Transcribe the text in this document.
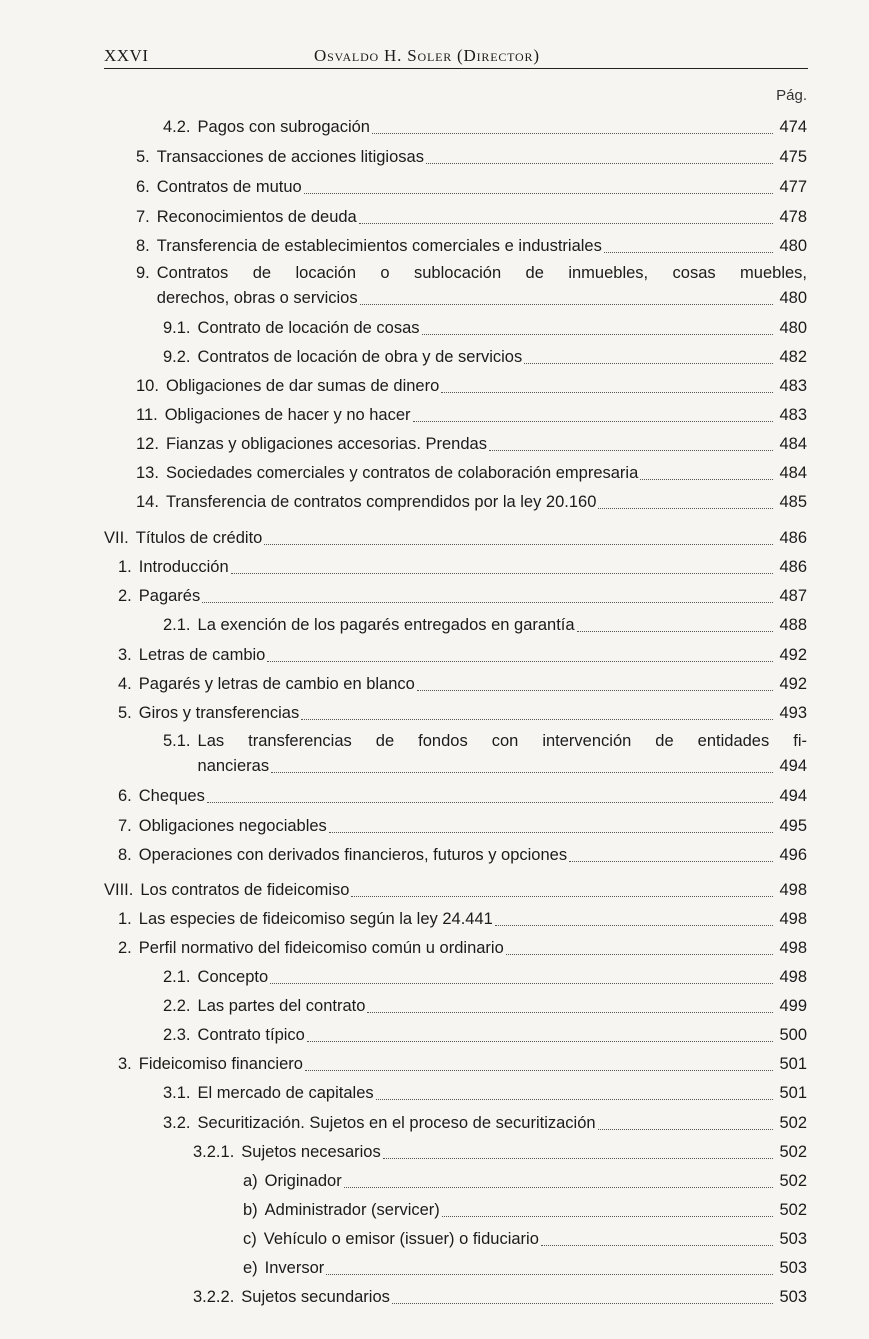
XXVI	Osvaldo H. Soler (Director)
Pág.
4.2. Pagos con subrogación	474
5. Transacciones de acciones litigiosas	475
6. Contratos de mutuo	477
7. Reconocimientos de deuda	478
8. Transferencia de establecimientos comerciales e industriales	480
9. Contratos de locación o sublocación de inmuebles, cosas muebles,
derechos, obras o servicios	480
9.1. Contrato de locación de cosas	480
9.2. Contratos de locación de obra y de servicios	482
10. Obligaciones de dar sumas de dinero	483
11. Obligaciones de hacer y no hacer	483
12. Fianzas y obligaciones accesorias. Prendas	484
13. Sociedades comerciales y contratos de colaboración empresaria	484
14. Transferencia de contratos comprendidos por la ley 20.160	485
VII. Títulos de crédito	486
1. Introducción	486
2. Pagarés	487
2.1. La exención de los pagarés entregados en garantía	488
3. Letras de cambio	492
4. Pagarés y letras de cambio en blanco	492
5. Giros y transferencias	493
5.1. Las transferencias de fondos con intervención de entidades fi-
nancieras	494
6. Cheques	494
7. Obligaciones negociables	495
8. Operaciones con derivados financieros, futuros y opciones	496
VIII. Los contratos de fideicomiso	498
1. Las especies de fideicomiso según la ley 24.441	498
2. Perfil normativo del fideicomiso común u ordinario	498
2.1. Concepto	498
2.2. Las partes del contrato	499
2.3. Contrato típico	500
3. Fideicomiso financiero	501
3.1. El mercado de capitales	501
3.2. Securitización. Sujetos en el proceso de securitización	502
3.2.1. Sujetos necesarios	502
a) Originador	502
b) Administrador (servicer)	502
c) Vehículo o emisor (issuer) o fiduciario	503
e) Inversor	503
3.2.2. Sujetos secundarios	503
